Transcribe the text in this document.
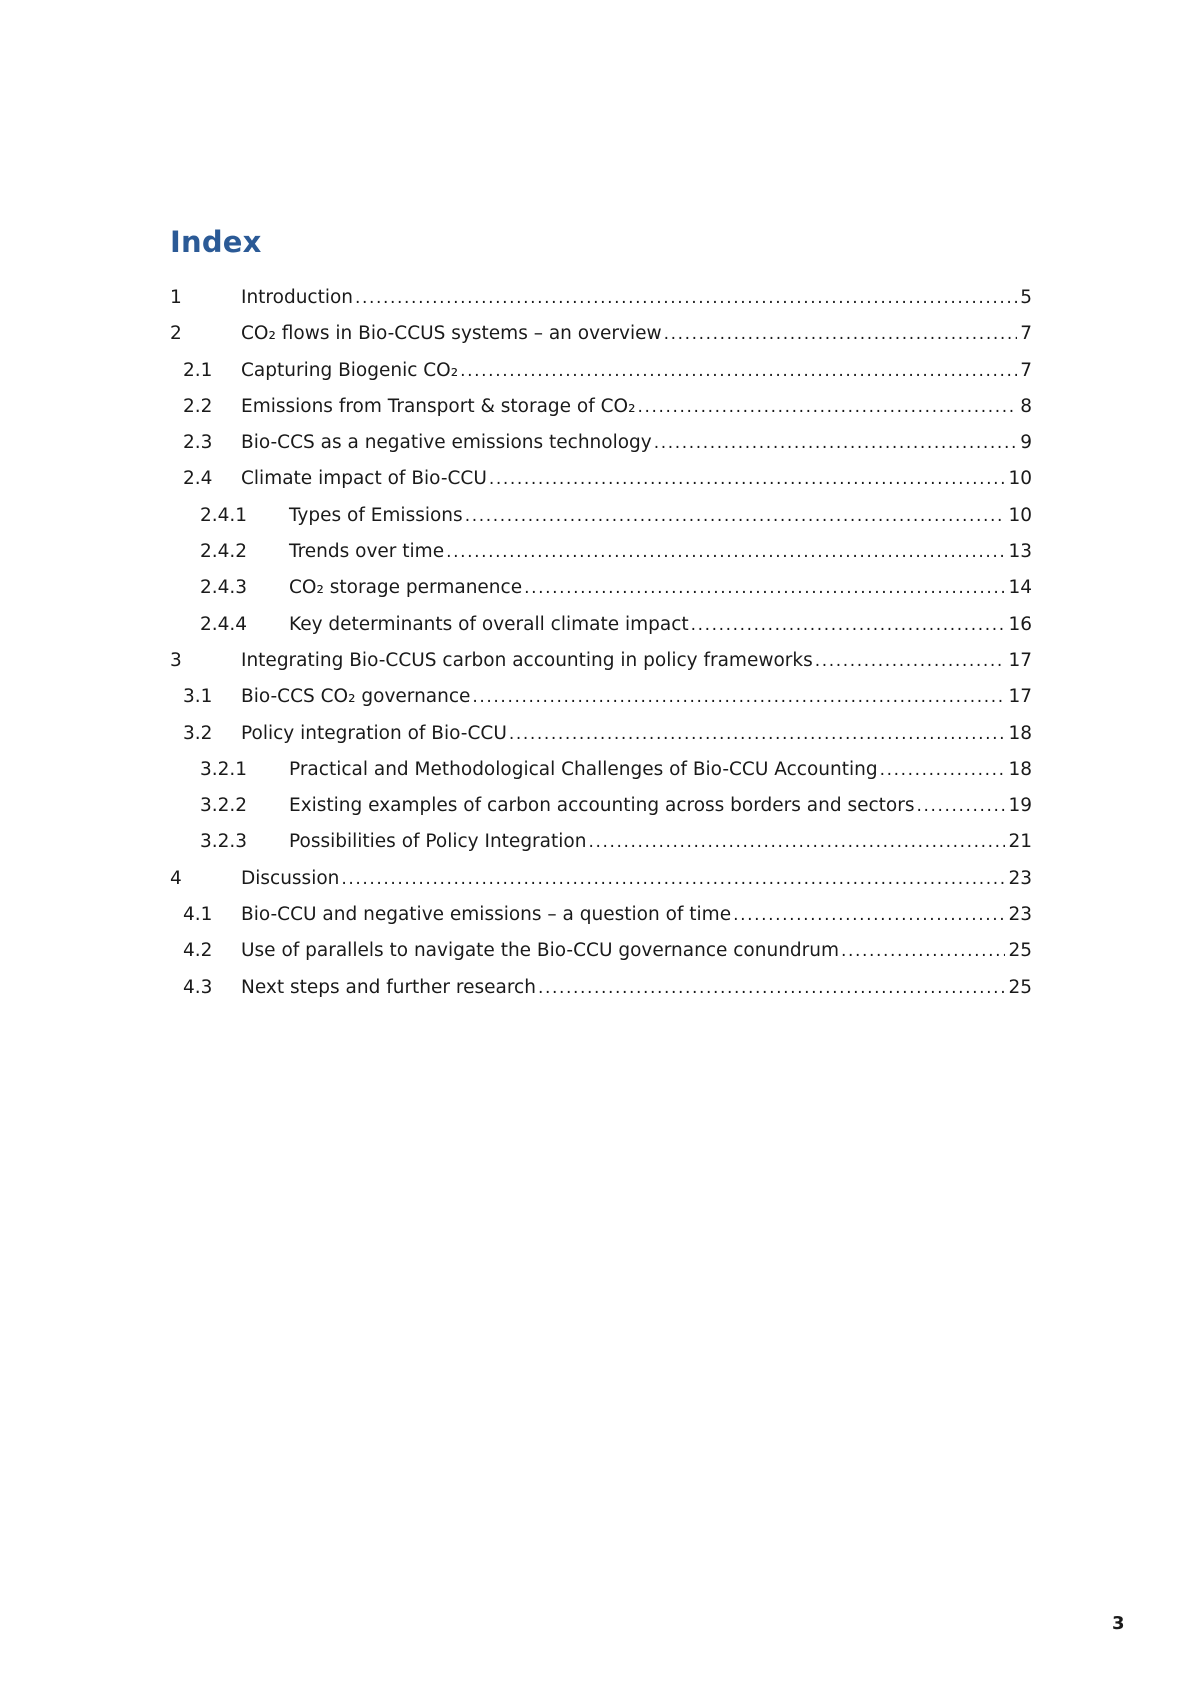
Index
1	Introduction .....	5
2	CO₂ flows in Bio-CCUS systems – an overview .....	7
2.1 Capturing Biogenic CO₂ .....	7
2.2 Emissions from Transport & storage of CO₂ .....	8
2.3 Bio-CCS as a negative emissions technology .....	9
2.4 Climate impact of Bio-CCU .....	10
2.4.1 Types of Emissions .....	10
2.4.2 Trends over time .....	13
2.4.3 CO₂ storage permanence .....	14
2.4.4 Key determinants of overall climate impact .....	16
3	Integrating Bio-CCUS carbon accounting in policy frameworks .....	17
3.1 Bio-CCS CO₂ governance .....	17
3.2 Policy integration of Bio-CCU .....	18
3.2.1 Practical and Methodological Challenges of Bio-CCU Accounting .....	18
3.2.2 Existing examples of carbon accounting across borders and sectors .....	19
3.2.3 Possibilities of Policy Integration .....	21
4	Discussion .....	23
4.1 Bio-CCU and negative emissions – a question of time .....	23
4.2 Use of parallels to navigate the Bio-CCU governance conundrum .....	25
4.3 Next steps and further research .....	25
3
